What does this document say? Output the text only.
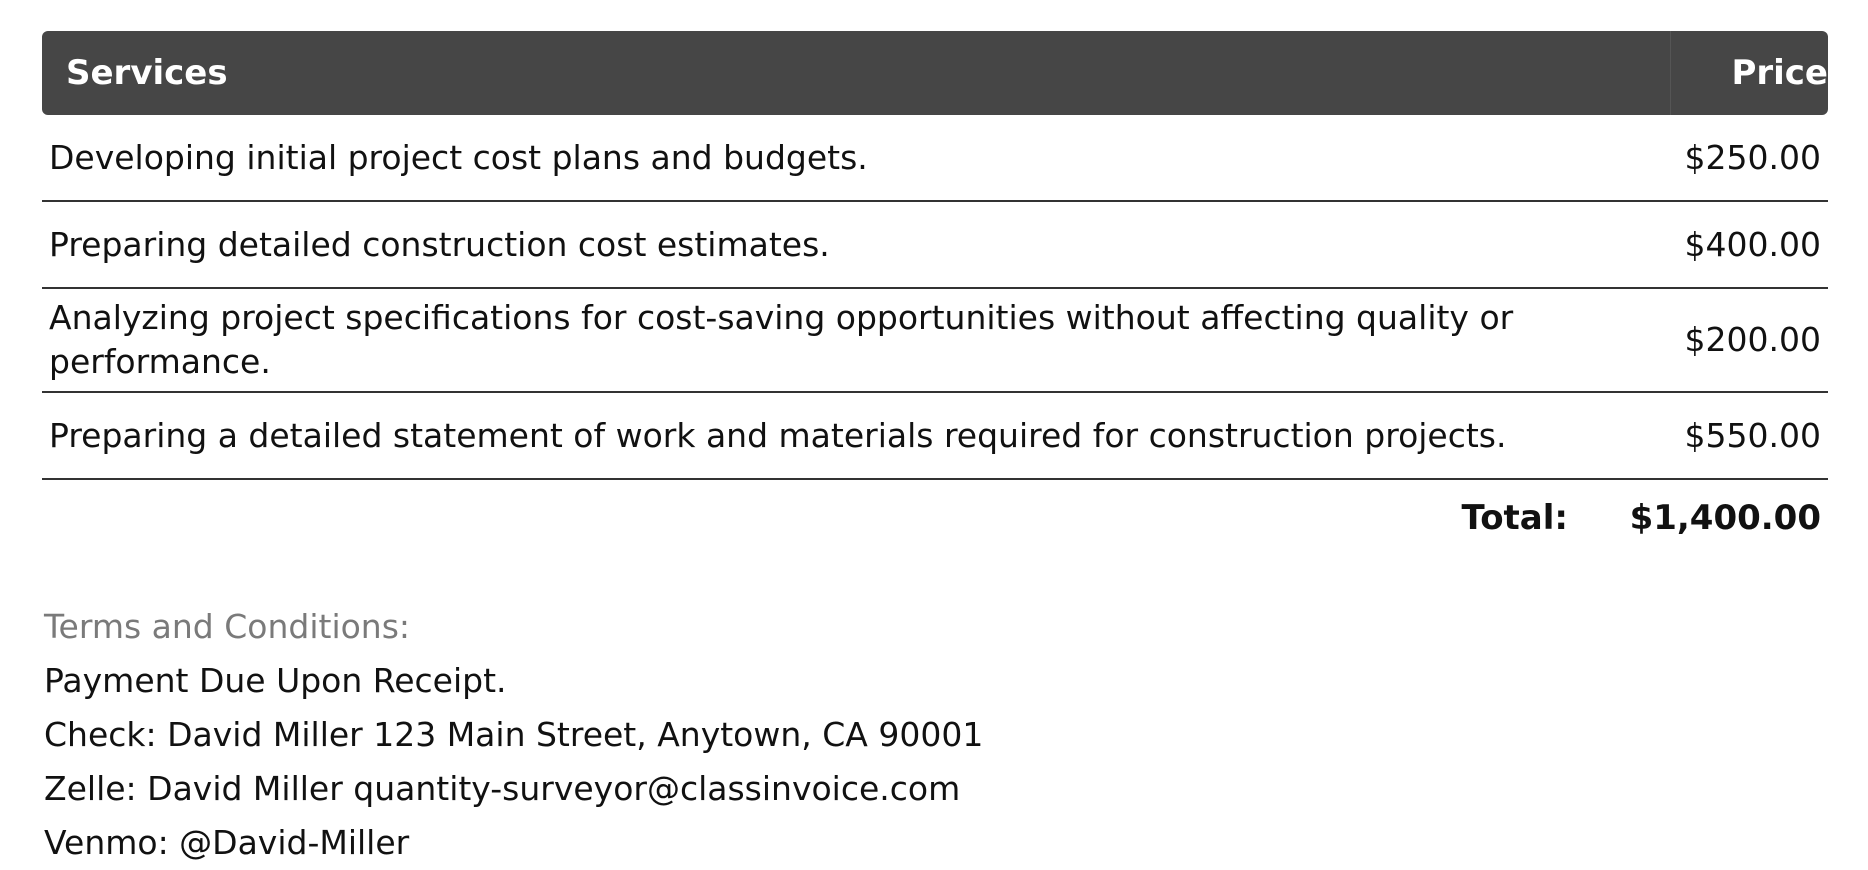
Services	Price

Developing initial project cost plans and budgets.	$250.00
Preparing detailed construction cost estimates.	$400.00
Analyzing project specifications for cost-saving opportunities without affecting quality or performance.	$200.00
Preparing a detailed statement of work and materials required for construction projects.	$550.00
Total: $1,400.00
Terms and Conditions:
Payment Due Upon Receipt.
Check: David Miller 123 Main Street, Anytown, CA 90001
Zelle: David Miller quantity-surveyor@classinvoice.com
Venmo: @David-Miller
